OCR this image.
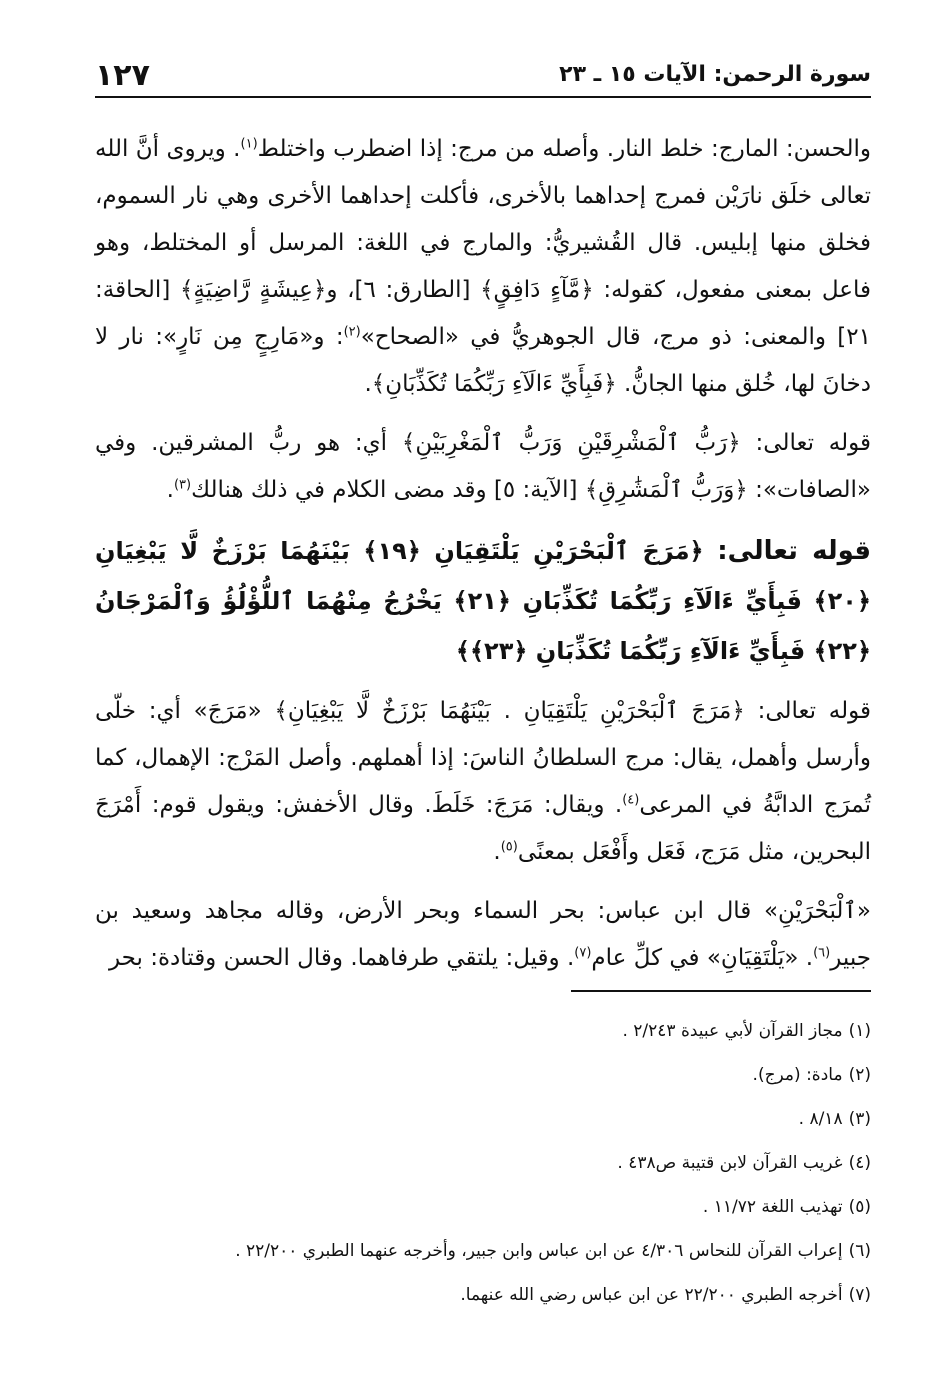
سورة الرحمن: الآيات ١٥ ـ ٢٣
١٢٧

والحسن: المارج: خلط النار. وأصله من مرج: إذا اضطرب واختلط$^{(١)}$. ويروى أنَّ الله تعالى خلَق نارَيْن فمرج إحداهما بالأخرى، فأكلت إحداهما الأخرى وهي نار السموم، فخلق منها إبليس. قال القُشيريُّ: والمارج في اللغة: المرسل أو المختلط، وهو فاعل بمعنى مفعول، كقوله: ﴿مَّآءٍ دَافِقٍ﴾ [الطارق: ٦]، و﴿عِيشَةٍ رَّاضِيَةٍ﴾ [الحاقة: ٢١] والمعنى: ذو مرج، قال الجوهريُّ في «الصحاح»$^{(٢)}$: و«مَارِجٍ مِن نَارٍ»: نار لا دخانَ لها، خُلق منها الجانُّ. ﴿فَبِأَيِّ ءَالَآءِ رَبِّكُمَا تُكَذِّبَانِ﴾.

قوله تعالى: ﴿رَبُّ ٱلْمَشْرِقَيْنِ وَرَبُّ ٱلْمَغْرِبَيْنِ﴾ أي: هو ربُّ المشرقين. وفي «الصافات»: ﴿وَرَبُّ ٱلْمَشَٰرِقِ﴾ [الآية: ٥] وقد مضى الكلام في ذلك هنالك$^{(٣)}$.

قوله تعالى: ﴿مَرَجَ ٱلْبَحْرَيْنِ يَلْتَقِيَانِ ﴿١٩﴾ بَيْنَهُمَا بَرْزَخٌ لَّا يَبْغِيَانِ ﴿٢٠﴾ فَبِأَيِّ ءَالَآءِ رَبِّكُمَا تُكَذِّبَانِ ﴿٢١﴾ يَخْرُجُ مِنْهُمَا ٱللُّؤْلُؤُ وَٱلْمَرْجَانُ ﴿٢٢﴾ فَبِأَيِّ ءَالَآءِ رَبِّكُمَا تُكَذِّبَانِ ﴿٢٣﴾﴾

قوله تعالى: ﴿مَرَجَ ٱلْبَحْرَيْنِ يَلْتَقِيَانِ . بَيْنَهُمَا بَرْزَخٌ لَّا يَبْغِيَانِ﴾ «مَرَجَ» أي: خلّى وأرسل وأهمل، يقال: مرج السلطانُ الناسَ: إذا أهملهم. وأصل المَرْج: الإهمال، كما تُمرَج الدابَّةُ في المرعى$^{(٤)}$. ويقال: مَرَجَ: خَلَطَ. وقال الأخفش: ويقول قوم: أَمْرَجَ البحرين، مثل مَرَج، فَعَل وأَفْعَل بمعنًى$^{(٥)}$.

«ٱلْبَحْرَيْنِ» قال ابن عباس: بحر السماء وبحر الأرض، وقاله مجاهد وسعيد بن جبير$^{(٦)}$. «يَلْتَقِيَانِ» في كلِّ عام$^{(٧)}$. وقيل: يلتقي طرفاهما. وقال الحسن وقتادة: بحر

(١)مجاز القرآن لأبي عبيدة ٢/٢٤٣ .
(٢)مادة: (مرج).
(٣)٨/١٨ .
(٤)غريب القرآن لابن قتيبة ص٤٣٨ .
(٥)تهذيب اللغة ١١/٧٢ .
(٦)إعراب القرآن للنحاس ٤/٣٠٦ عن ابن عباس وابن جبير، وأخرجه عنهما الطبري ٢٢/٢٠٠ .
(٧)أخرجه الطبري ٢٢/٢٠٠ عن ابن عباس رضي الله عنهما.
